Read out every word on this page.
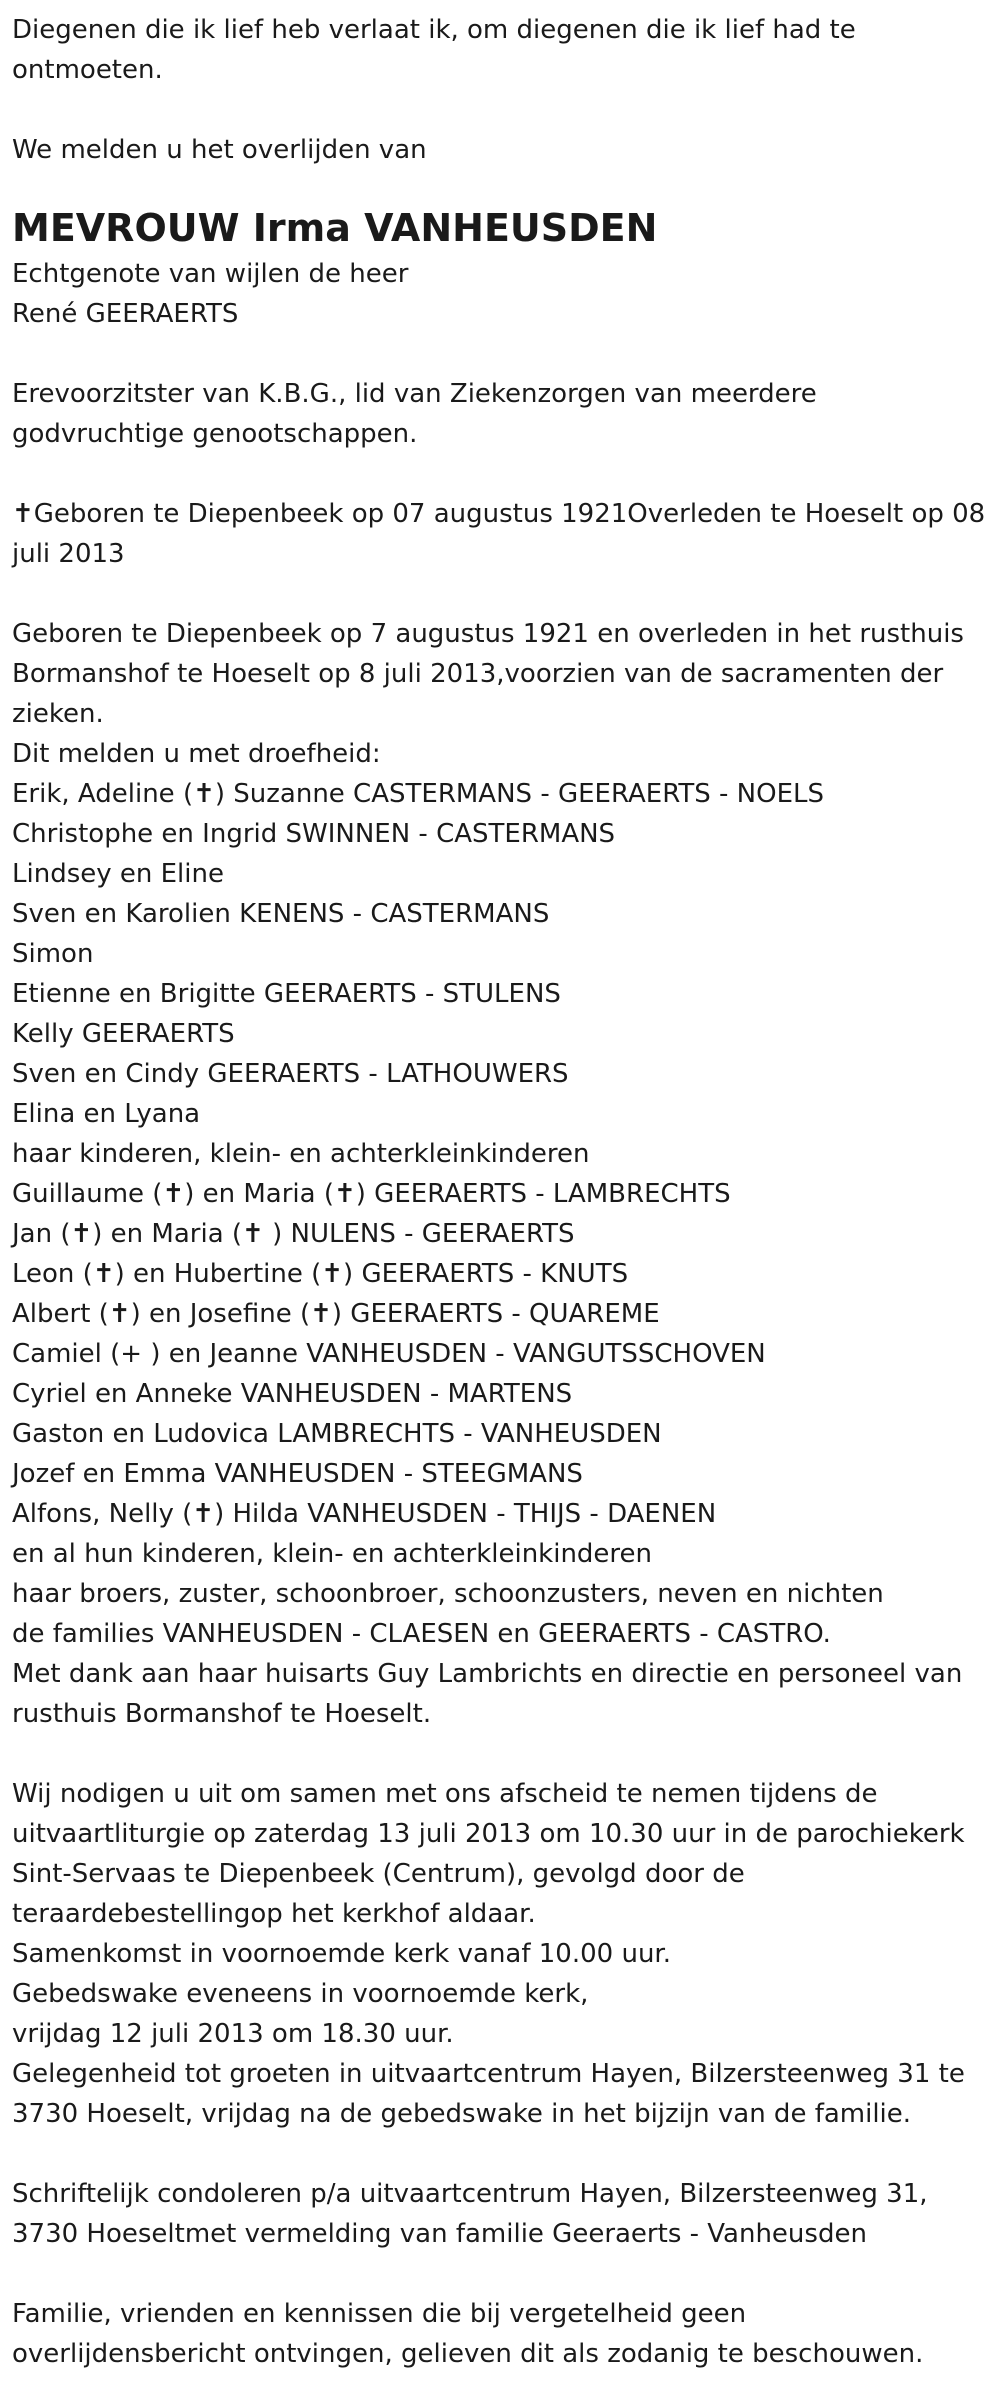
Diegenen die ik lief heb verlaat ik, om diegenen die ik lief had te
ontmoeten.
We melden u het overlijden van
MEVROUW Irma VANHEUSDEN
Echtgenote van wijlen de heer
René GEERAERTS
Erevoorzitster van K.B.G., lid van Ziekenzorgen van meerdere
godvruchtige genootschappen.
✝Geboren te Diepenbeek op 07 augustus 1921Overleden te Hoeselt op 08
juli 2013
Geboren te Diepenbeek op 7 augustus 1921 en overleden in het rusthuis
Bormanshof te Hoeselt op 8 juli 2013,voorzien van de sacramenten der
zieken.
Dit melden u met droefheid:
Erik, Adeline (✝) Suzanne CASTERMANS - GEERAERTS - NOELS
Christophe en Ingrid SWINNEN - CASTERMANS
Lindsey en Eline
Sven en Karolien KENENS - CASTERMANS
Simon
Etienne en Brigitte GEERAERTS - STULENS
Kelly GEERAERTS
Sven en Cindy GEERAERTS - LATHOUWERS
Elina en Lyana
haar kinderen, klein- en achterkleinkinderen
Guillaume (✝) en Maria (✝) GEERAERTS - LAMBRECHTS
Jan (✝) en Maria (✝ ) NULENS - GEERAERTS
Leon (✝) en Hubertine (✝) GEERAERTS - KNUTS
Albert (✝) en Josefine (✝) GEERAERTS - QUAREME
Camiel (+ ) en Jeanne VANHEUSDEN - VANGUTSSCHOVEN
Cyriel en Anneke VANHEUSDEN - MARTENS
Gaston en Ludovica LAMBRECHTS - VANHEUSDEN
Jozef en Emma VANHEUSDEN - STEEGMANS
Alfons, Nelly (✝) Hilda VANHEUSDEN - THIJS - DAENEN
en al hun kinderen, klein- en achterkleinkinderen
haar broers, zuster, schoonbroer, schoonzusters, neven en nichten
de families VANHEUSDEN - CLAESEN en GEERAERTS - CASTRO.
Met dank aan haar huisarts Guy Lambrichts en directie en personeel van
rusthuis Bormanshof te Hoeselt.
Wij nodigen u uit om samen met ons afscheid te nemen tijdens de
uitvaartliturgie op zaterdag 13 juli 2013 om 10.30 uur in de parochiekerk
Sint-Servaas te Diepenbeek (Centrum), gevolgd door de
teraardebestellingop het kerkhof aldaar.
Samenkomst in voornoemde kerk vanaf 10.00 uur.
Gebedswake eveneens in voornoemde kerk,
vrijdag 12 juli 2013 om 18.30 uur.
Gelegenheid tot groeten in uitvaartcentrum Hayen, Bilzersteenweg 31 te
3730 Hoeselt, vrijdag na de gebedswake in het bijzijn van de familie.
Schriftelijk condoleren p/a uitvaartcentrum Hayen, Bilzersteenweg 31,
3730 Hoeseltmet vermelding van familie Geeraerts - Vanheusden
Familie, vrienden en kennissen die bij vergetelheid geen
overlijdensbericht ontvingen, gelieven dit als zodanig te beschouwen.
